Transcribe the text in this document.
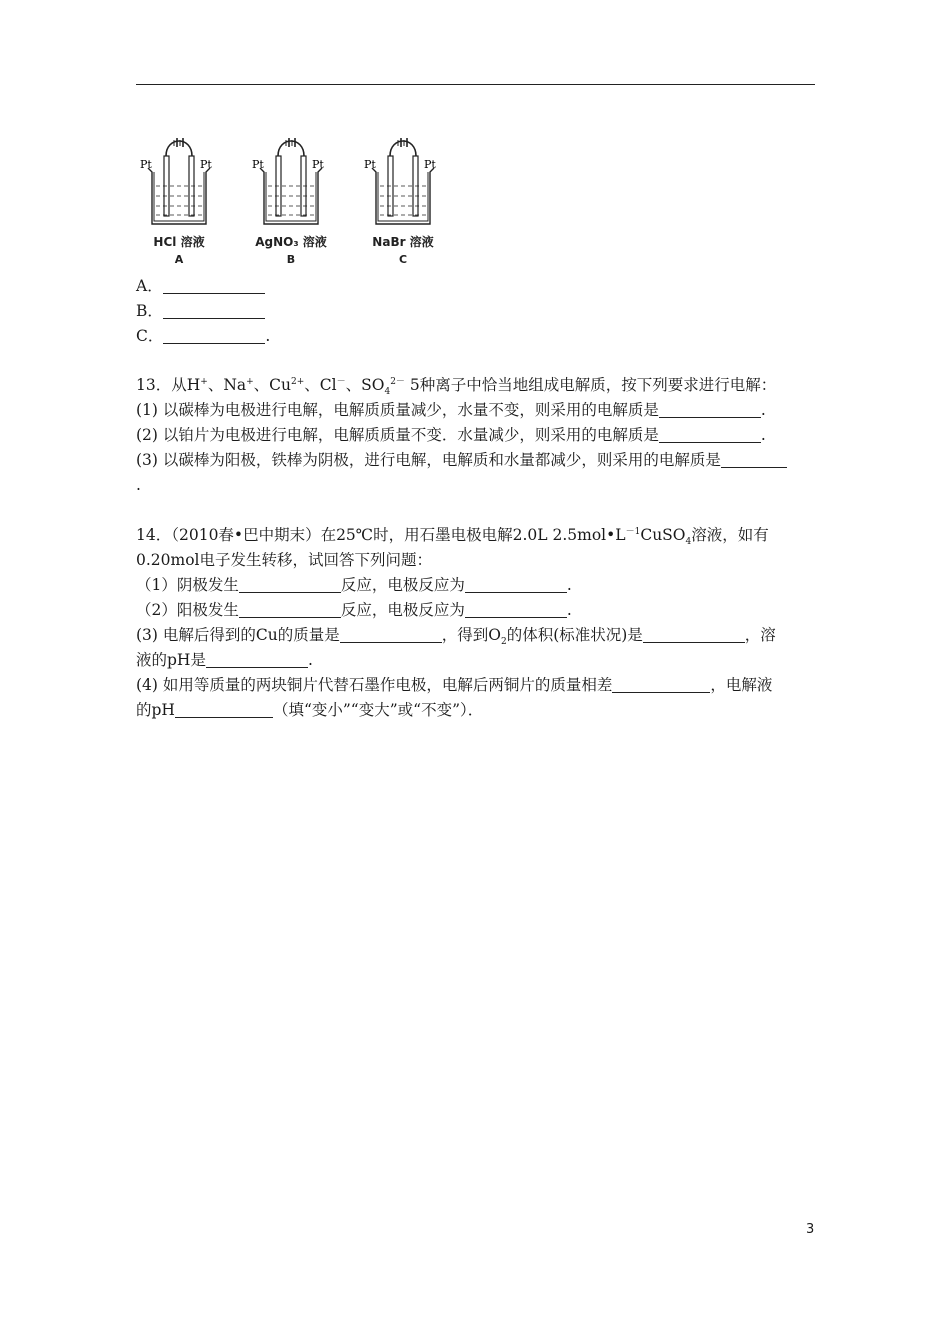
Pt	Pt
HCl 溶液
A
Pt	Pt
AgNO₃ 溶液
B
Pt	Pt
NaBr 溶液
C
A．
B．
C．	.
13．从H+、Na+、$Cu^{2+}$、Cl－、$SO_4^{2-}$ 5种离子中恰当地组成电解质，按下列要求进行电解：
(1) 以碳棒为电极进行电解，电解质质量减少，水量不变，则采用的电解质是	.
(2) 以铂片为电极进行电解，电解质质量不变．水量减少，则采用的电解质是	.
(3) 以碳棒为阳极，铁棒为阴极，进行电解，电解质和水量都减少，则采用的电解质是
.
14．（2010春•巴中期末）在25℃时，用石墨电极电解2.0L $2.5mol•L^{-1}CuSO_4$溶液，如有
0.20mol电子发生转移，试回答下列问题：
（1）阴极发生	反应，电极反应为	.
（2）阳极发生	反应，电极反应为	.
(3) 电解后得到的Cu的质量是	，得到$O_2$的体积(标准状况)是	，溶
液的pH是	.
(4) 如用等质量的两块铜片代替石墨作电极，电解后两铜片的质量相差	，电解液
的pH	（填“变小”“变大”或“不变”）．
3
